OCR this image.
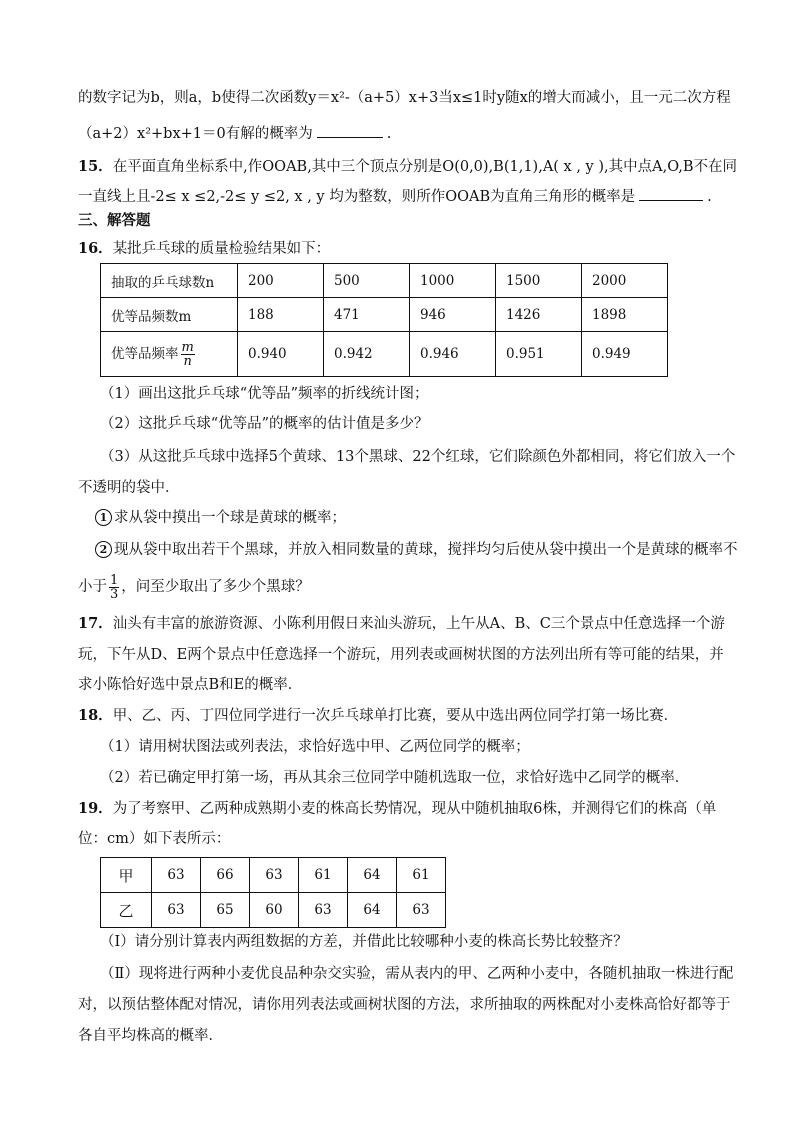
的数字记为b，则a，b使得二次函数y＝x²-（a+5）x+3当x≤1时y随x的增大而减小，且一元二次方程
（a+2）x²+bx+1＝0有解的概率为	.
15．在平面直角坐标系中,作OOAB,其中三个顶点分别是O(0,0),B(1,1),A( x , y ),其中点A,O,B不在同
一直线上且-2≤ x ≤2,-2≤ y ≤2, x , y 均为整数，则所作OOAB为直角三角形的概率是	.
三、解答题
16．某批乒乓球的质量检验结果如下：
抽取的乒乓球数n	200	500	1000	1500	2000
优等品频数m	188	471	946	1426	1898
优等品频率 $\frac{m}{n}$	0.940	0.942	0.946	0.951	0.949
（1）画出这批乒乓球“优等品”频率的折线统计图；
（2）这批乒乓球“优等品”的概率的估计值是多少？
（3）从这批乒乓球中选择5个黄球、13个黑球、22个红球，它们除颜色外都相同，将它们放入一个
不透明的袋中．
1 求从袋中摸出一个球是黄球的概率；
2 现从袋中取出若干个黑球，并放入相同数量的黄球，搅拌均匀后使从袋中摸出一个是黄球的概率不
小于 $\frac{1}{3}$ ，问至少取出了多少个黑球？
17．汕头有丰富的旅游资源、小陈利用假日来汕头游玩，上午从A、B、C三个景点中任意选择一个游
玩，下午从D、E两个景点中任意选择一个游玩，用列表或画树状图的方法列出所有等可能的结果，并
求小陈恰好选中景点B和E的概率．
18．甲、乙、丙、丁四位同学进行一次乒乓球单打比赛，要从中选出两位同学打第一场比赛．
（1）请用树状图法或列表法，求恰好选中甲、乙两位同学的概率；
（2）若已确定甲打第一场，再从其余三位同学中随机选取一位，求恰好选中乙同学的概率．
19．为了考察甲、乙两种成熟期小麦的株高长势情况，现从中随机抽取6株，并测得它们的株高（单
位：cm）如下表所示：
甲	63	66	63	61	64	61
乙	63	65	60	63	64	63
（Ⅰ）请分别计算表内两组数据的方差，并借此比较哪种小麦的株高长势比较整齐？
（Ⅱ）现将进行两种小麦优良品种杂交实验，需从表内的甲、乙两种小麦中，各随机抽取一株进行配
对，以预估整体配对情况，请你用列表法或画树状图的方法，求所抽取的两株配对小麦株高恰好都等于
各自平均株高的概率．
